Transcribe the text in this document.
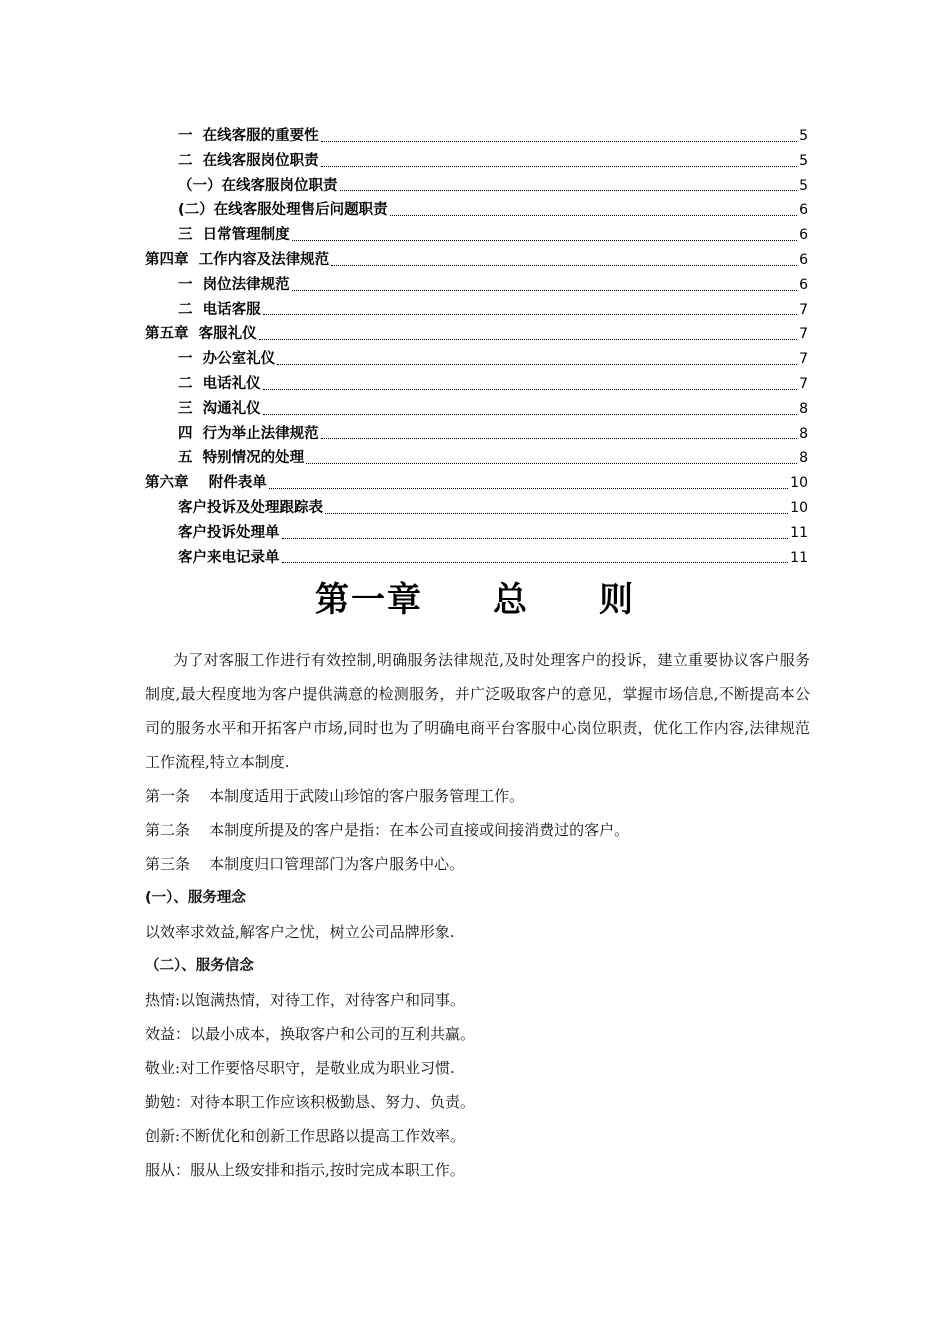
一  在线客服的重要性	5
二  在线客服岗位职责	5
（一）在线客服岗位职责	5
(二）在线客服处理售后问题职责	6
三  日常管理制度	6
第四章  工作内容及法律规范	6
一  岗位法律规范	6
二  电话客服	7
第五章  客服礼仪	7
一  办公室礼仪	7
二  电话礼仪	7
三  沟通礼仪	8
四  行为举止法律规范	8
五  特别情况的处理	8
第六章    附件表单	10
客户投诉及处理跟踪表	10
客户投诉处理单	11
客户来电记录单	11
第一章 总 则

为了对客服工作进行有效控制,明确服务法律规范,及时处理客户的投诉，建立重要协议客户服务制度,最大程度地为客户提供满意的检测服务，并广泛吸取客户的意见，掌握市场信息,不断提高本公司的服务水平和开拓客户市场,同时也为了明确电商平台客服中心岗位职责，优化工作内容,法律规范工作流程,特立本制度.

第一条    本制度适用于武陵山珍馆的客户服务管理工作。

第二条    本制度所提及的客户是指：在本公司直接或间接消费过的客户。

第三条    本制度归口管理部门为客户服务中心。

(一）、服务理念

以效率求效益,解客户之忧，树立公司品牌形象.

（二）、服务信念

热情:以饱满热情，对待工作，对待客户和同事。

效益：以最小成本，换取客户和公司的互利共赢。

敬业:对工作要恪尽职守，是敬业成为职业习惯.

勤勉：对待本职工作应该积极勤恳、努力、负责。

创新:不断优化和创新工作思路以提高工作效率。

服从：服从上级安排和指示,按时完成本职工作。
